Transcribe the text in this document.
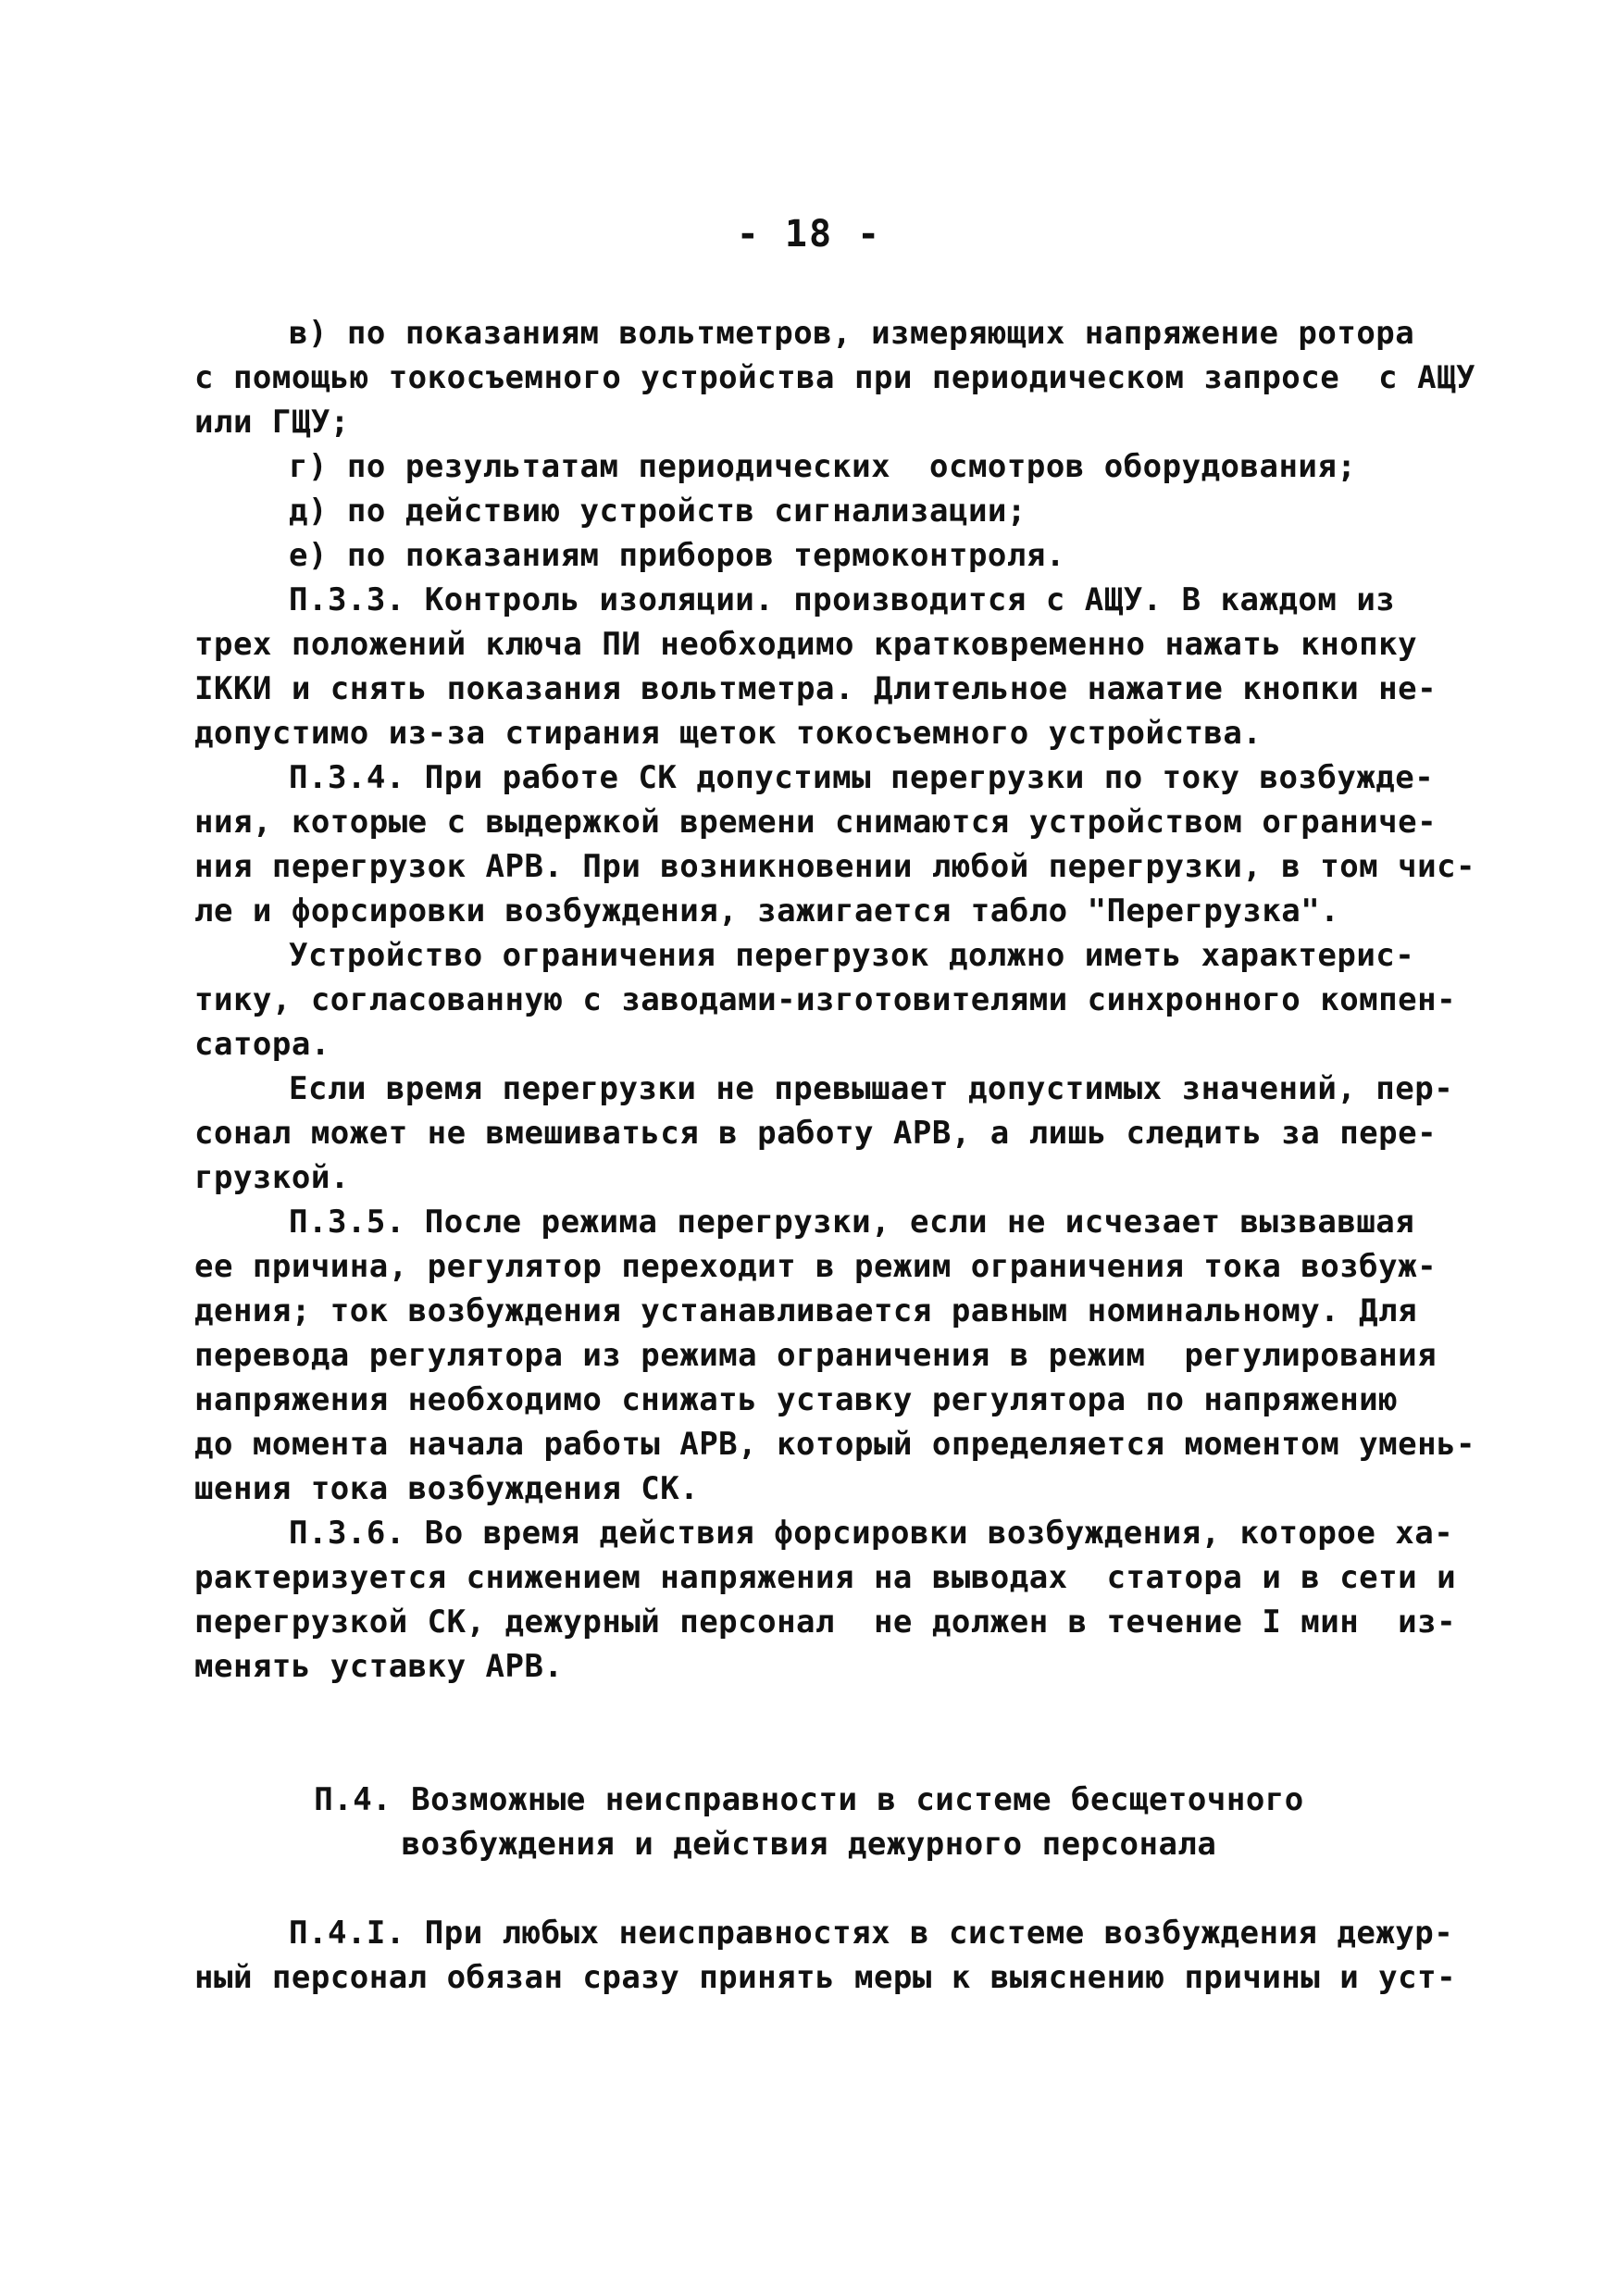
- 18 -
в) по показаниям вольтметров, измеряющих напряжение ротора
с помощью токосъемного устройства при периодическом запросе  с АЩУ
или ГЩУ;
г) по результатам периодических  осмотров оборудования;
д) по действию устройств сигнализации;
е) по показаниям приборов термоконтроля.
П.3.3. Контроль изоляции. производится с АЩУ. В каждом из
трех положений ключа ПИ необходимо кратковременно нажать кнопку
IККИ и снять показания вольтметра. Длительное нажатие кнопки не-
допустимо из-за стирания щеток токосъемного устройства.
П.3.4. При работе СК допустимы перегрузки по току возбужде-
ния, которые с выдержкой времени снимаются устройством ограниче-
ния перегрузок АРВ. При возникновении любой перегрузки, в том чис-
ле и форсировки возбуждения, зажигается табло "Перегрузка".
Устройство ограничения перегрузок должно иметь характерис-
тику, согласованную с заводами-изготовителями синхронного компен-
сатора.
Если время перегрузки не превышает допустимых значений, пер-
сонал может не вмешиваться в работу АРВ, а лишь следить за пере-
грузкой.
П.3.5. После режима перегрузки, если не исчезает вызвавшая
ее причина, регулятор переходит в режим ограничения тока возбуж-
дения; ток возбуждения устанавливается равным номинальному. Для
перевода регулятора из режима ограничения в режим  регулирования
напряжения необходимо снижать уставку регулятора по напряжению
до момента начала работы АРВ, который определяется моментом умень-
шения тока возбуждения СК.
П.3.6. Во время действия форсировки возбуждения, которое ха-
рактеризуется снижением напряжения на выводах  статора и в сети и
перегрузкой СК, дежурный персонал  не должен в течение I мин  из-
менять уставку АРВ.
П.4. Возможные неисправности в системе бесщеточного
возбуждения и действия дежурного персонала
П.4.I. При любых неисправностях в системе возбуждения дежур-
ный персонал обязан сразу принять меры к выяснению причины и уст-
